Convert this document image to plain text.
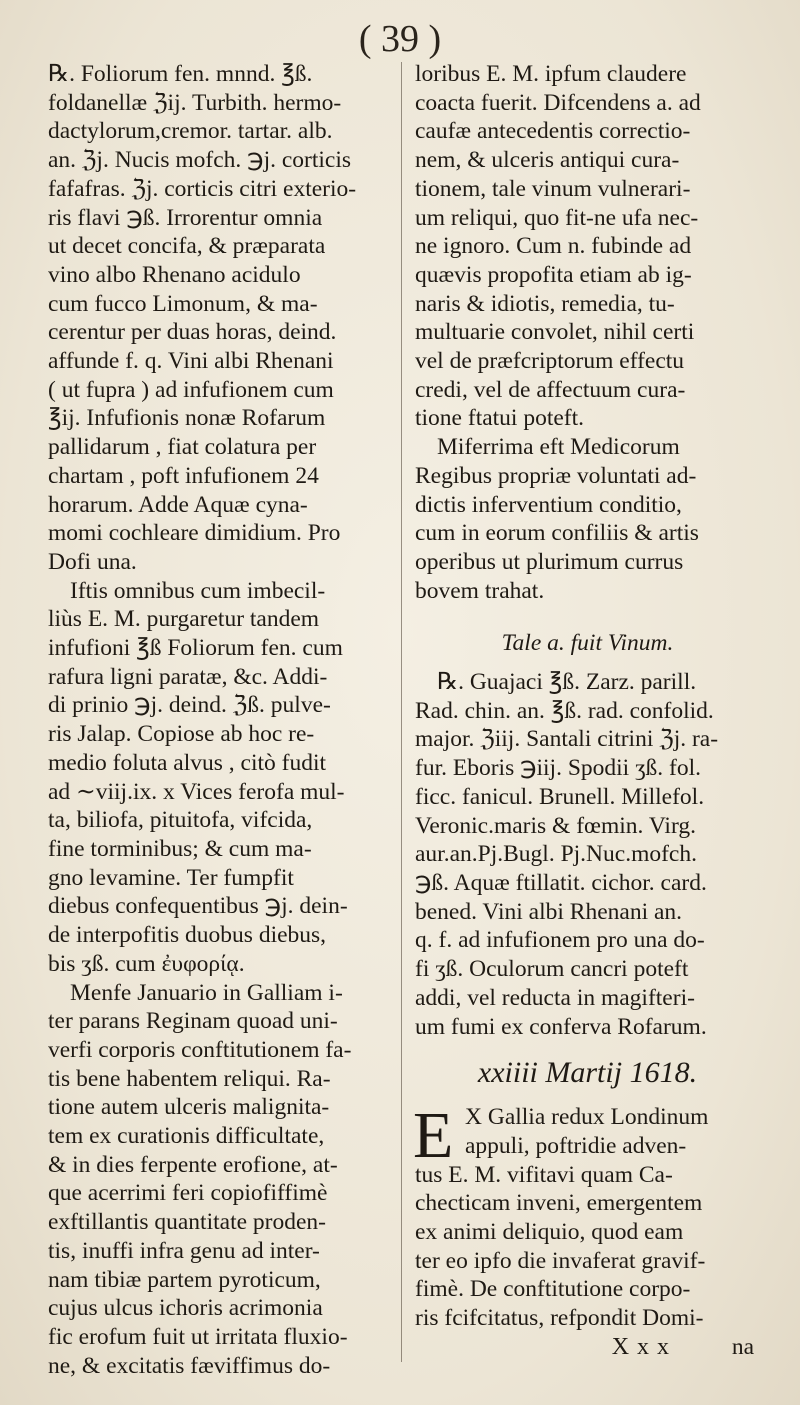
( 39 )
℞. Foliorum fen. mnnd. ℥ß.
foldanellæ ℨij. Turbith. hermo-
dactylorum,cremor. tartar. alb.
an. ℨj. Nucis mofch. ℈j. corticis
fafafras. ℨj. corticis citri exterio-
ris flavi ℈ß. Irrorentur omnia
ut decet concifa, & præparata
vino albo Rhenano acidulo
cum fucco Limonum, & ma-
cerentur per duas horas, deind.
affunde f. q. Vini albi Rhenani
( ut fupra ) ad infufionem cum
℥ij. Infufionis nonæ Rofarum
pallidarum , fiat colatura per
chartam , poft infufionem 24
horarum. Adde Aquæ cyna-
momi cochleare dimidium. Pro
Dofi una.
Iftis omnibus cum imbecil-
liùs E. M. purgaretur tandem
infufioni ℥ß Foliorum fen. cum
rafura ligni paratæ, &c. Addi-
di prinio ℈j. deind. ℨß. pulve-
ris Jalap. Copiose ab hoc re-
medio foluta alvus , citò fudit
ad ∼viij.ix. x Vices ferofa mul-
ta, biliofa, pituitofa, vifcida,
fine torminibus; & cum ma-
gno levamine. Ter fumpfit
diebus confequentibus ℈j. dein-
de interpofitis duobus diebus,
bis ʒß. cum ἐυφορίᾳ.
Menfe Januario in Galliam i-
ter parans Reginam quoad uni-
verfi corporis conftitutionem fa-
tis bene habentem reliqui. Ra-
tione autem ulceris malignita-
tem ex curationis difficultate,
& in dies ferpente erofione, at-
que acerrimi feri copiofiffimè
exftillantis quantitate proden-
tis, inuffi infra genu ad inter-
nam tibiæ partem pyroticum,
cujus ulcus ichoris acrimonia
fic erofum fuit ut irritata fluxio-
ne, & excitatis fæviffimus do-
loribus E. M. ipfum claudere
coacta fuerit. Difcendens a. ad
caufæ antecedentis correctio-
nem, & ulceris antiqui cura-
tionem, tale vinum vulnerari-
um reliqui, quo fit-ne ufa nec-
ne ignoro. Cum n. fubinde ad
quævis propofita etiam ab ig-
naris & idiotis, remedia, tu-
multuarie convolet, nihil certi
vel de præfcriptorum effectu
credi, vel de affectuum cura-
tione ftatui poteft.
Miferrima eft Medicorum
Regibus propriæ voluntati ad-
dictis inferventium conditio,
cum in eorum confiliis & artis
operibus ut plurimum currus
bovem trahat.
Tale a. fuit Vinum.
℞. Guajaci ℥ß. Zarz. parill.
Rad. chin. an. ℥ß. rad. confolid.
major. ℨiij. Santali citrini ℨj. ra-
fur. Eboris ℈iij. Spodii ʒß. fol.
ficc. fanicul. Brunell. Millefol.
Veronic.maris & fœmin. Virg.
aur.an.Pj.Bugl. Pj.Nuc.mofch.
℈ß. Aquæ ftillatit. cichor. card.
bened. Vini albi Rhenani an.
q. f. ad infufionem pro una do-
fi ʒß. Oculorum cancri poteft
addi, vel reducta in magifteri-
um fumi ex conferva Rofarum.
xxiiii Martij 1618.
E X Gallia redux Londinum
appuli, poftridie adven-
tus E. M. vifitavi quam Ca-
checticam inveni, emergentem
ex animi deliquio, quod eam
ter eo ipfo die invaferat gravif-
fimè. De conftitutione corpo-
ris fcifcitatus, refpondit Domi-
X x x	na
